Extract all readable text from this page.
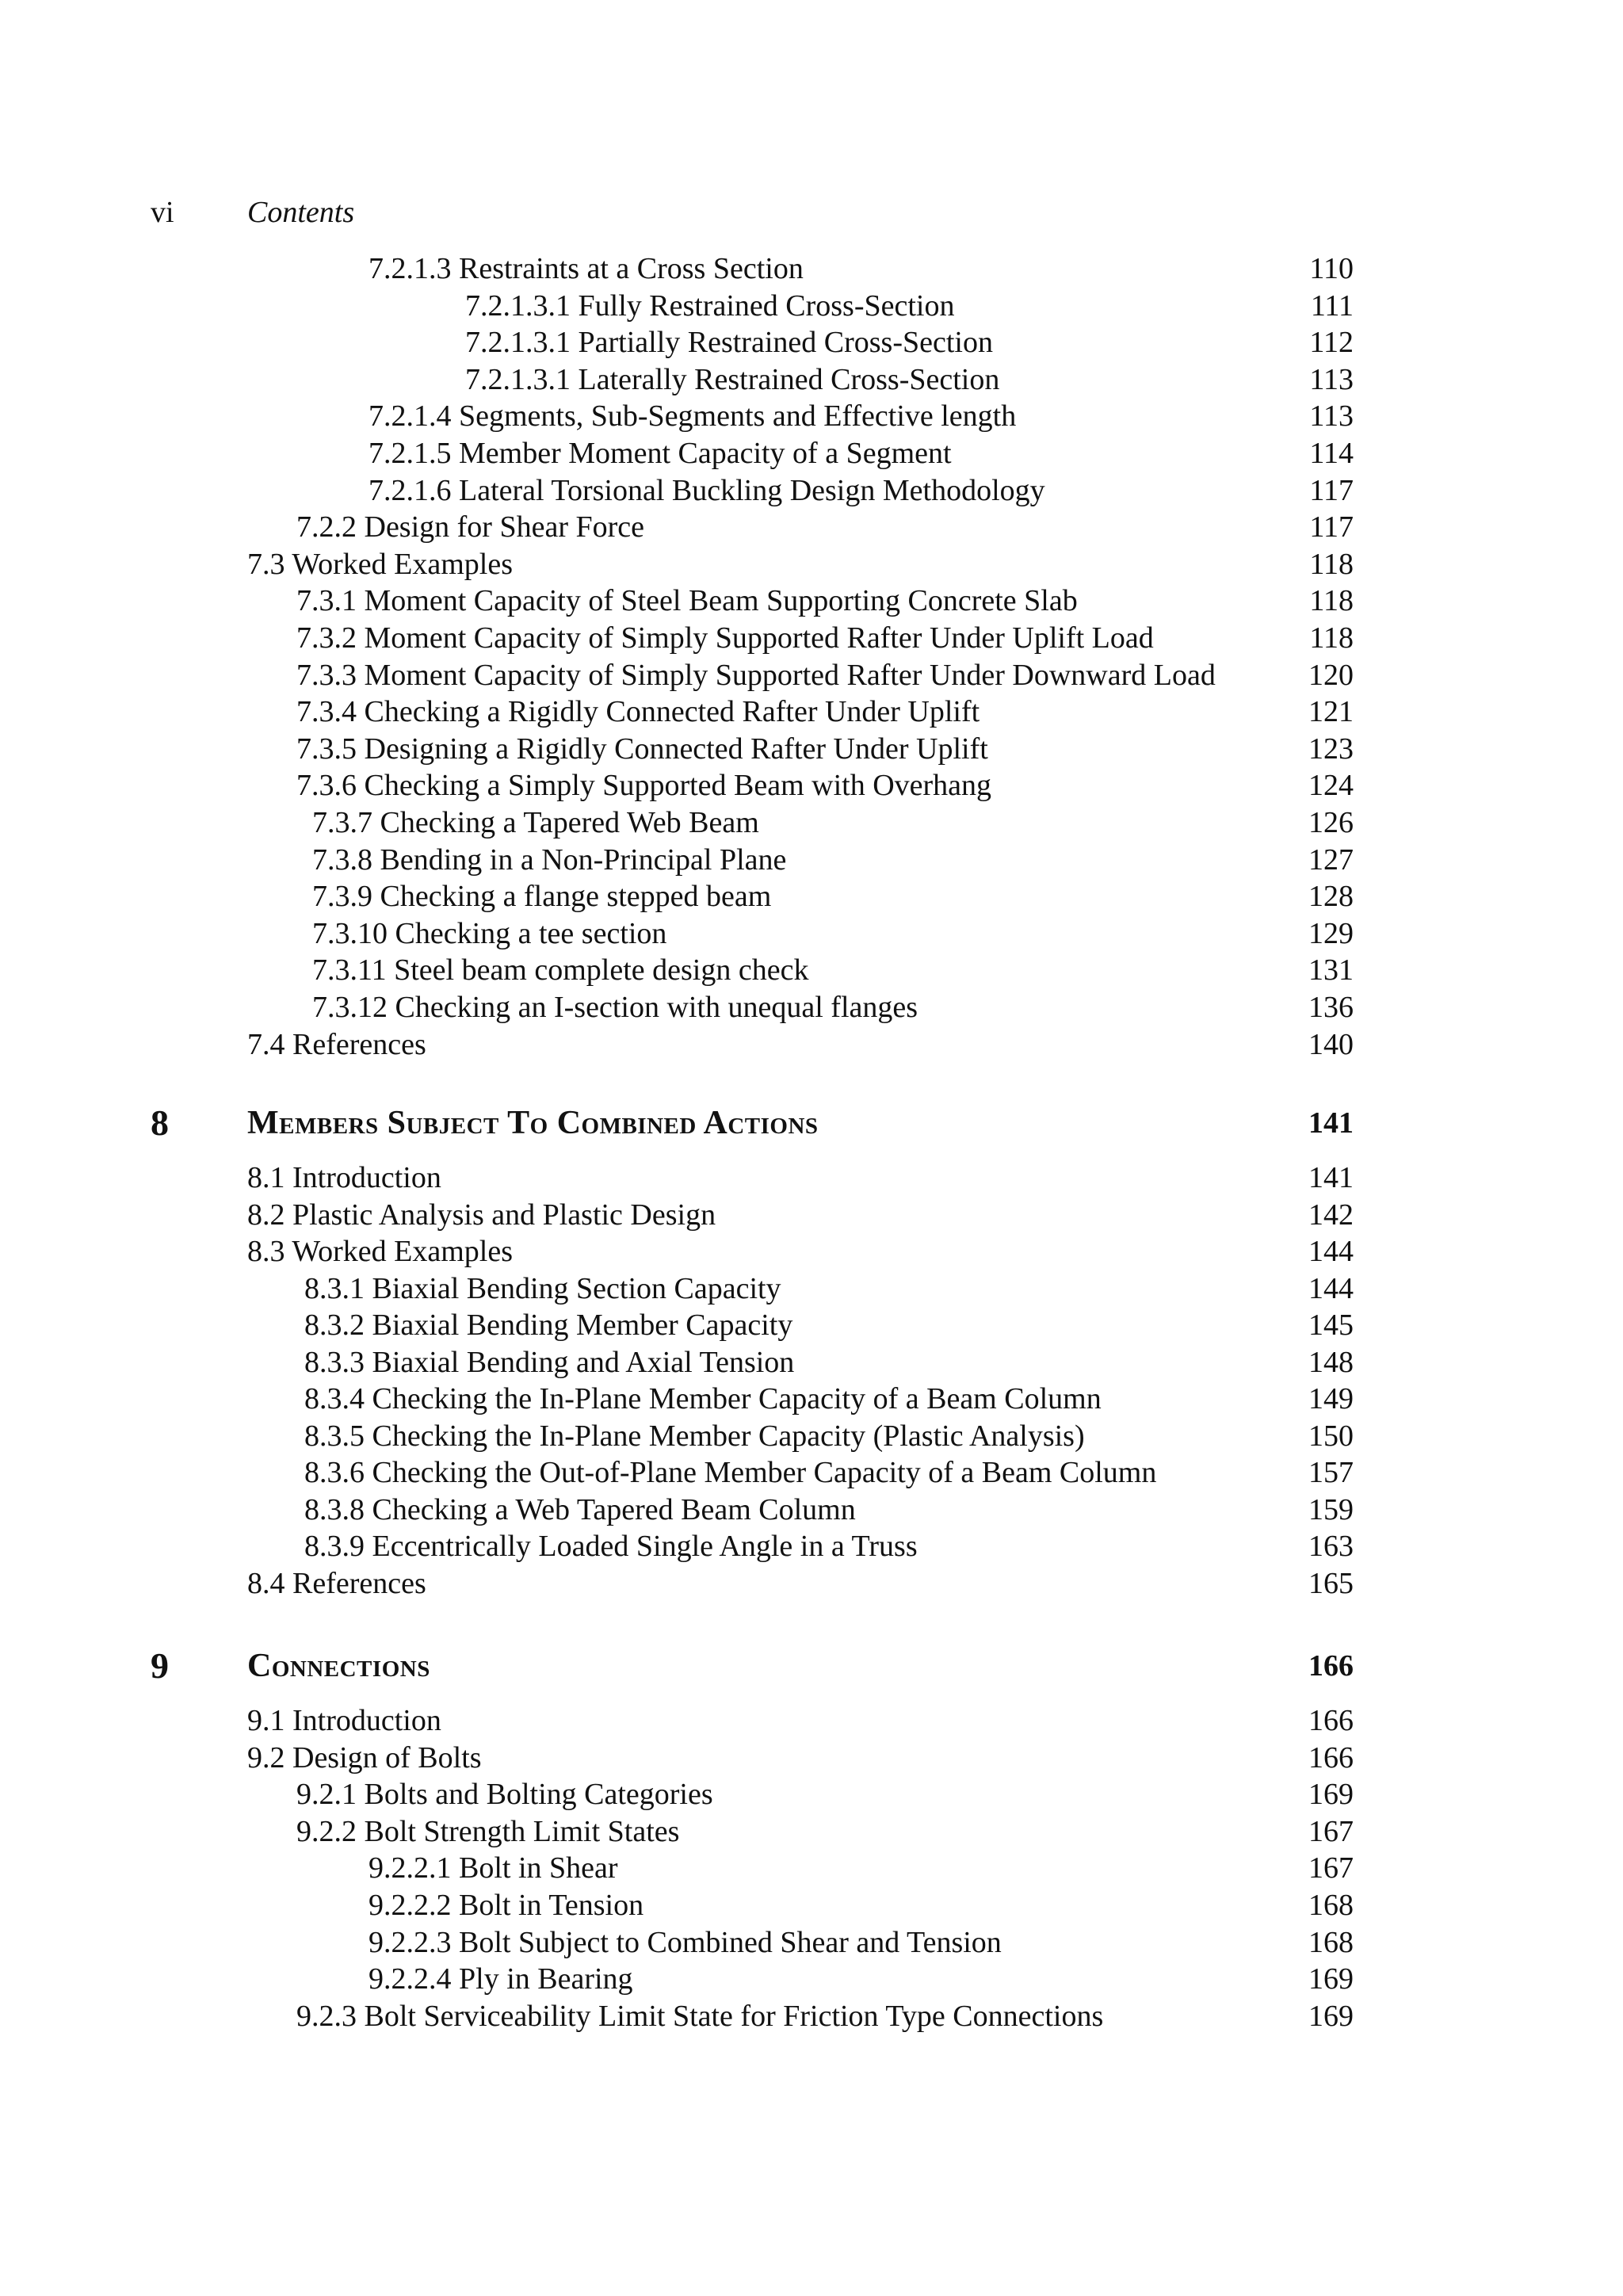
vi Contents
7.2.1.3 Restraints at a Cross Section	110
7.2.1.3.1 Fully Restrained Cross-Section	111
7.2.1.3.1 Partially Restrained Cross-Section	112
7.2.1.3.1 Laterally Restrained Cross-Section	113
7.2.1.4 Segments, Sub-Segments and Effective length	113
7.2.1.5 Member Moment Capacity of a Segment	114
7.2.1.6 Lateral Torsional Buckling Design Methodology	117
7.2.2 Design for Shear Force	117
7.3 Worked Examples	118
7.3.1 Moment Capacity of Steel Beam Supporting Concrete Slab	118
7.3.2 Moment Capacity of Simply Supported Rafter Under Uplift Load	118
7.3.3 Moment Capacity of Simply Supported Rafter Under Downward Load	120
7.3.4 Checking a Rigidly Connected Rafter Under Uplift	121
7.3.5 Designing a Rigidly Connected Rafter Under Uplift	123
7.3.6 Checking a Simply Supported Beam with Overhang	124
7.3.7 Checking a Tapered Web Beam	126
7.3.8 Bending in a Non-Principal Plane	127
7.3.9 Checking a flange stepped beam	128
7.3.10 Checking a tee section	129
7.3.11 Steel beam complete design check	131
7.3.12 Checking an I-section with unequal flanges	136
7.4 References	140
8 Members Subject To Combined Actions	141
8.1 Introduction	141
8.2 Plastic Analysis and Plastic Design	142
8.3 Worked Examples	144
8.3.1 Biaxial Bending Section Capacity	144
8.3.2 Biaxial Bending Member Capacity	145
8.3.3 Biaxial Bending and Axial Tension	148
8.3.4 Checking the In-Plane Member Capacity of a Beam Column	149
8.3.5 Checking the In-Plane Member Capacity (Plastic Analysis)	150
8.3.6 Checking the Out-of-Plane Member Capacity of a Beam Column	157
8.3.8 Checking a Web Tapered Beam Column	159
8.3.9 Eccentrically Loaded Single Angle in a Truss	163
8.4 References	165
9 Connections	166
9.1 Introduction	166
9.2 Design of Bolts	166
9.2.1 Bolts and Bolting Categories	169
9.2.2 Bolt Strength Limit States	167
9.2.2.1 Bolt in Shear	167
9.2.2.2 Bolt in Tension	168
9.2.2.3 Bolt Subject to Combined Shear and Tension	168
9.2.2.4 Ply in Bearing	169
9.2.3 Bolt Serviceability Limit State for Friction Type Connections	169
